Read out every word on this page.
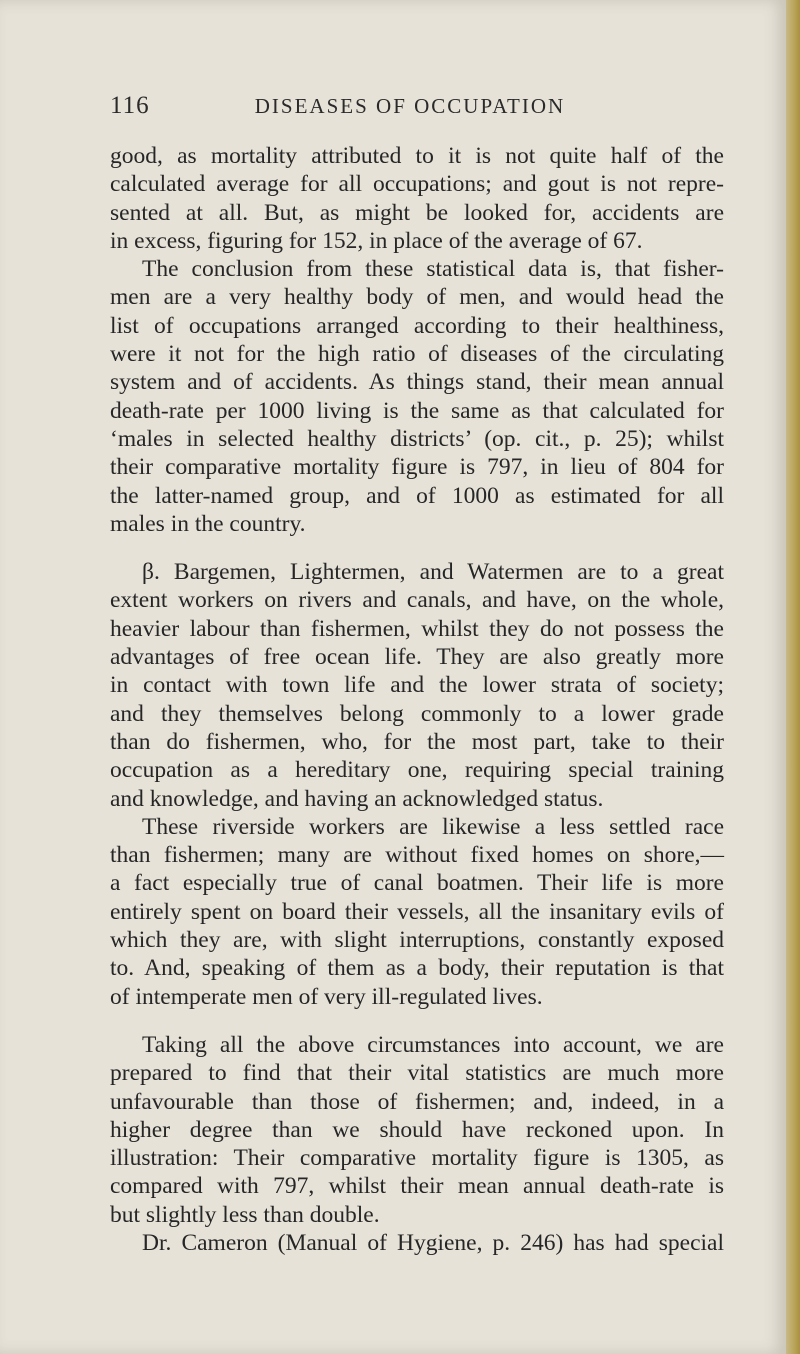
116	DISEASES OF OCCUPATION
good, as mortality attributed to it is not quite half of the
calculated average for all occupations; and gout is not repre-
sented at all. But, as might be looked for, accidents are
in excess, figuring for 152, in place of the average of 67.
The conclusion from these statistical data is, that fisher-
men are a very healthy body of men, and would head the
list of occupations arranged according to their healthiness,
were it not for the high ratio of diseases of the circulating
system and of accidents. As things stand, their mean annual
death-rate per 1000 living is the same as that calculated for
‘males in selected healthy districts’ (op. cit., p. 25); whilst
their comparative mortality figure is 797, in lieu of 804 for
the latter-named group, and of 1000 as estimated for all
males in the country.
β. Bargemen, Lightermen, and Watermen are to a great
extent workers on rivers and canals, and have, on the whole,
heavier labour than fishermen, whilst they do not possess the
advantages of free ocean life. They are also greatly more
in contact with town life and the lower strata of society;
and they themselves belong commonly to a lower grade
than do fishermen, who, for the most part, take to their
occupation as a hereditary one, requiring special training
and knowledge, and having an acknowledged status.
These riverside workers are likewise a less settled race
than fishermen; many are without fixed homes on shore,—
a fact especially true of canal boatmen. Their life is more
entirely spent on board their vessels, all the insanitary evils of
which they are, with slight interruptions, constantly exposed
to. And, speaking of them as a body, their reputation is that
of intemperate men of very ill-regulated lives.
Taking all the above circumstances into account, we are
prepared to find that their vital statistics are much more
unfavourable than those of fishermen; and, indeed, in a
higher degree than we should have reckoned upon. In
illustration: Their comparative mortality figure is 1305, as
compared with 797, whilst their mean annual death-rate is
but slightly less than double.
Dr. Cameron (Manual of Hygiene, p. 246) has had special
